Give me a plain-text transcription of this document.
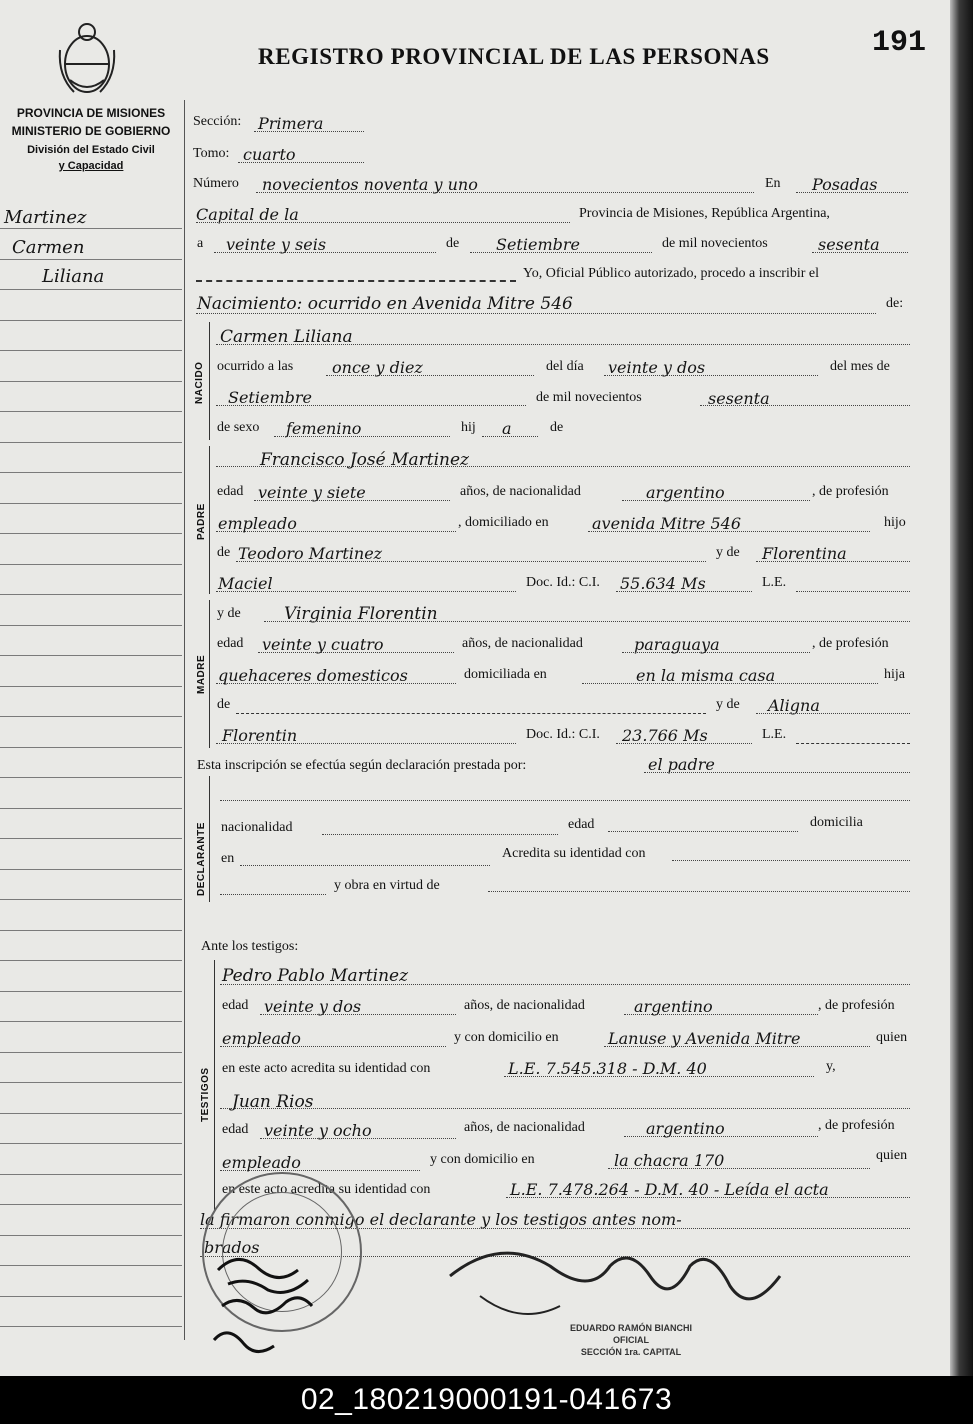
REGISTRO PROVINCIAL DE LAS PERSONAS	191
PROVINCIA DE MISIONES
MINISTERIO DE GOBIERNO
División del Estado Civil
y Capacidad
Martinez
Carmen
Liliana
Sección: Primera
Tomo: cuarto
Número novecientos noventa y uno	En Posadas
Capital de la	Provincia de Misiones, República Argentina,
a veinte y seis	de Setiembre	de mil novecientos	sesenta
Yo, Oficial Público autorizado, procedo a inscribir el
Nacimiento: ocurrido en Avenida Mitre 546	de:
NACIDO
Carmen Liliana
ocurrido a las once y diez	del día veinte y dos	del mes de
Setiembre	de mil novecientos	sesenta
de sexo femenino	hij a	de
PADRE
Francisco José Martinez
edad veinte y siete	años, de nacionalidad	argentino	, de profesión
empleado	, domiciliado en	avenida Mitre 546	hijo
de Teodoro Martinez	y de Florentina
Maciel	Doc. Id.: C.I. 55.634 Ms	L.E.
MADRE
y de	Virginia Florentin
edad veinte y cuatro	años, de nacionalidad	paraguaya	, de profesión
quehaceres domesticos	domiciliada en	en la misma casa	hija
de	y de Aligna
Florentin	Doc. Id.: C.I. 23.766 Ms	L.E.
Esta inscripción se efectúa según declaración prestada por:	el padre
DECLARANTE nacionalidad	edad	domicilia
en	Acredita su identidad con
y obra en virtud de
Ante los testigos:
TESTIGOS
Pedro Pablo Martinez
edad veinte y dos	años, de nacionalidad	argentino	, de profesión
empleado	y con domicilio en	Lanuse y Avenida Mitre	quien
en este acto acredita su identidad con	L.E. 7.545.318 - D.M. 40	y,
Juan Rios
edad veinte y ocho	años, de nacionalidad	argentino	, de profesión
empleado	y con domicilio en	la chacra 170	quien
en este acto acredita su identidad con	L.E. 7.478.264 - D.M. 40 - Leída el acta
la firmaron conmigo el declarante y los testigos antes nom-
brados
EDUARDO RAMÓN BIANCHI
OFICIAL
SECCIÓN 1ra. CAPITAL
02_180219000191-041673
